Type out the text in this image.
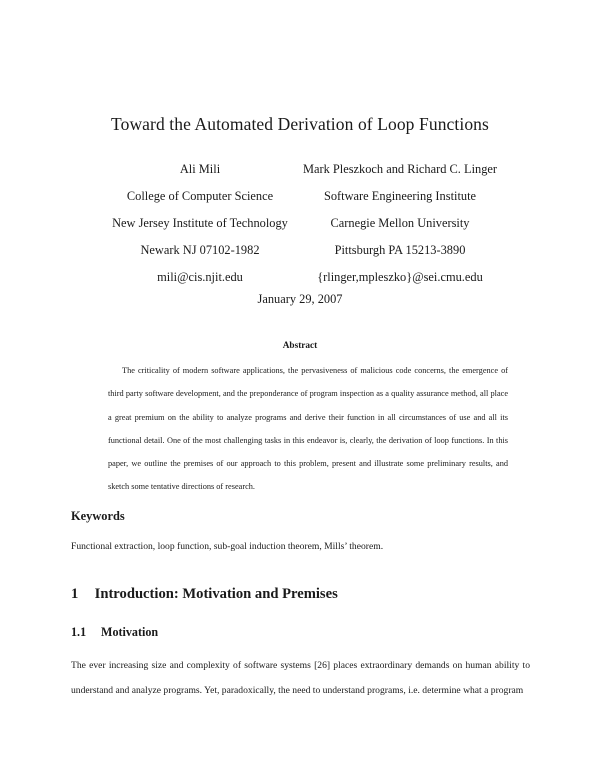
Toward the Automated Derivation of Loop Functions
Ali Mili
College of Computer Science
New Jersey Institute of Technology
Newark NJ 07102-1982
mili@cis.njit.edu
Mark Pleszkoch and Richard C. Linger
Software Engineering Institute
Carnegie Mellon University
Pittsburgh PA 15213-3890
{rlinger,mpleszko}@sei.cmu.edu
January 29, 2007
Abstract
The criticality of modern software applications, the pervasiveness of malicious code concerns, the emergence of third party software development, and the preponderance of program inspection as a quality assurance method, all place a great premium on the ability to analyze programs and derive their function in all circumstances of use and all its functional detail. One of the most challenging tasks in this endeavor is, clearly, the derivation of loop functions. In this paper, we outline the premises of our approach to this problem, present and illustrate some preliminary results, and sketch some tentative directions of research.
Keywords
Functional extraction, loop function, sub-goal induction theorem, Mills’ theorem.
1 Introduction: Motivation and Premises
1.1 Motivation
The ever increasing size and complexity of software systems [26] places extraordinary demands on human ability to understand and analyze programs. Yet, paradoxically, the need to understand programs, i.e. determine what a program
